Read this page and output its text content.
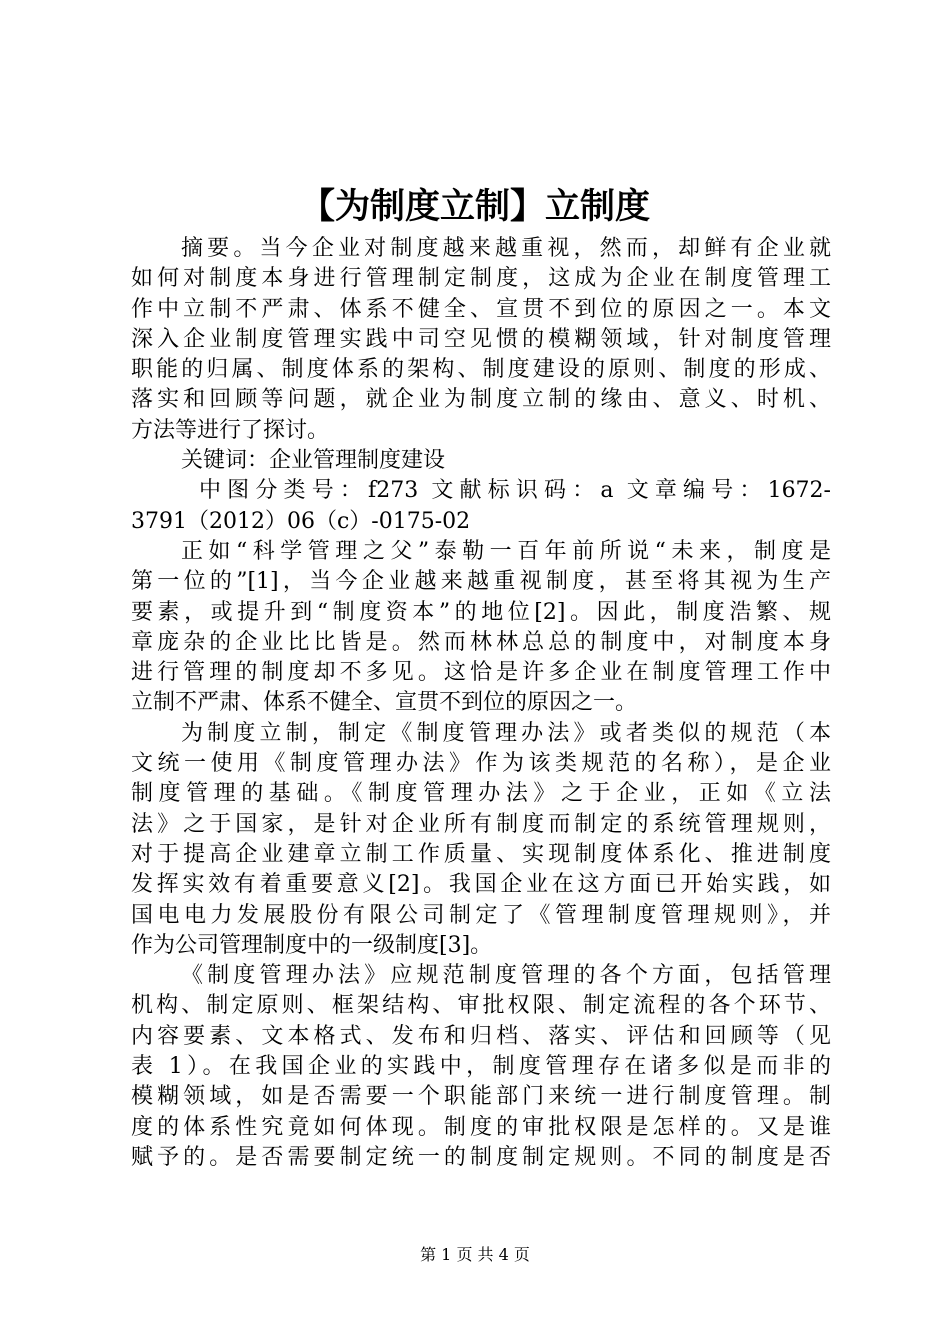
【为制度立制】立制度
摘要。当今企业对制度越来越重视，然而，却鲜有企业就
如何对制度本身进行管理制定制度，这成为企业在制度管理工
作中立制不严肃、体系不健全、宣贯不到位的原因之一。本文
深入企业制度管理实践中司空见惯的模糊领域，针对制度管理
职能的归属、制度体系的架构、制度建设的原则、制度的形成、
落实和回顾等问题，就企业为制度立制的缘由、意义、时机、
方法等进行了探讨。
关键词：企业管理制度建设
中图分类号：f273 文献标识码：a 文章编号：1672-
3791（2012）06（c）-0175-02
正如“科学管理之父”泰勒一百年前所说“未来，制度是
第一位的”[1]，当今企业越来越重视制度，甚至将其视为生产
要素，或提升到“制度资本”的地位[2]。因此，制度浩繁、规
章庞杂的企业比比皆是。然而林林总总的制度中，对制度本身
进行管理的制度却不多见。这恰是许多企业在制度管理工作中
立制不严肃、体系不健全、宣贯不到位的原因之一。
为制度立制，制定《制度管理办法》或者类似的规范（本
文统一使用《制度管理办法》作为该类规范的名称），是企业
制度管理的基础。《制度管理办法》之于企业，正如《立法
法》之于国家，是针对企业所有制度而制定的系统管理规则，
对于提高企业建章立制工作质量、实现制度体系化、推进制度
发挥实效有着重要意义[2]。我国企业在这方面已开始实践，如
国电电力发展股份有限公司制定了《管理制度管理规则》，并
作为公司管理制度中的一级制度[3]。
《制度管理办法》应规范制度管理的各个方面，包括管理
机构、制定原则、框架结构、审批权限、制定流程的各个环节、
内容要素、文本格式、发布和归档、落实、评估和回顾等（见
表 1）。在我国企业的实践中，制度管理存在诸多似是而非的
模糊领域，如是否需要一个职能部门来统一进行制度管理。制
度的体系性究竟如何体现。制度的审批权限是怎样的。又是谁
赋予的。是否需要制定统一的制度制定规则。不同的制度是否
第 1 页 共 4 页
